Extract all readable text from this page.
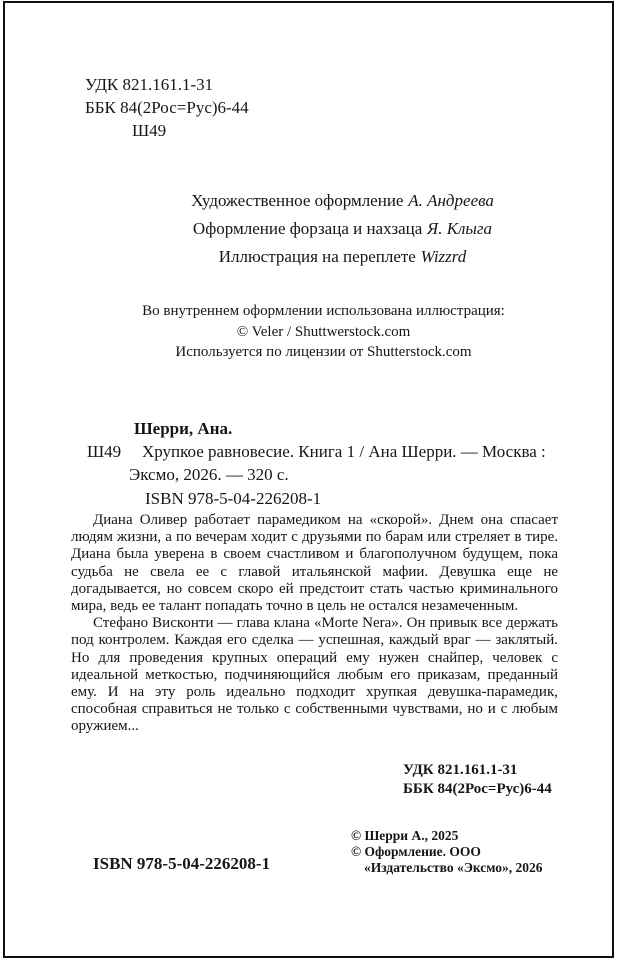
УДК 821.161.1-31
ББК 84(2Рос=Рус)6-44
Ш49
Художественное оформление А. Андреева
Оформление форзаца и нахзаца Я. Клыга
Иллюстрация на переплете Wizzrd
Во внутреннем оформлении использована иллюстрация:
© Veler / Shuttwerstock.com
Используется по лицензии от Shutterstock.com
Шерри, Ана.
Ш49 Хрупкое равновесие. Книга 1 / Ана Шерри. — Москва :
Эксмо, 2026. — 320 с.
ISBN 978-5-04-226208-1

Диана Оливер работает парамедиком на «скорой». Днем она спасает людям жизни, а по вечерам ходит с друзьями по барам или стреляет в тире. Диана была уверена в своем счастливом и благополучном будущем, пока судьба не свела ее с главой итальянской мафии. Девушка еще не догадывается, но совсем скоро ей предстоит стать частью криминального мира, ведь ее талант попадать точно в цель не остался незамеченным.

Стефано Висконти — глава клана «Morte Nera». Он привык все держать под контролем. Каждая его сделка — успешная, каждый враг — заклятый. Но для проведения крупных операций ему нужен снайпер, человек с идеальной меткостью, подчиняющийся любым его приказам, преданный ему. И на эту роль идеально подходит хрупкая девушка-парамедик, способная справиться не только с собственными чувствами, но и с любым оружием...

УДК 821.161.1-31
ББК 84(2Рос=Рус)6-44

© Шерри А., 2025

© Оформление. ООО «Издательство «Эксмо», 2026

ISBN 978-5-04-226208-1
